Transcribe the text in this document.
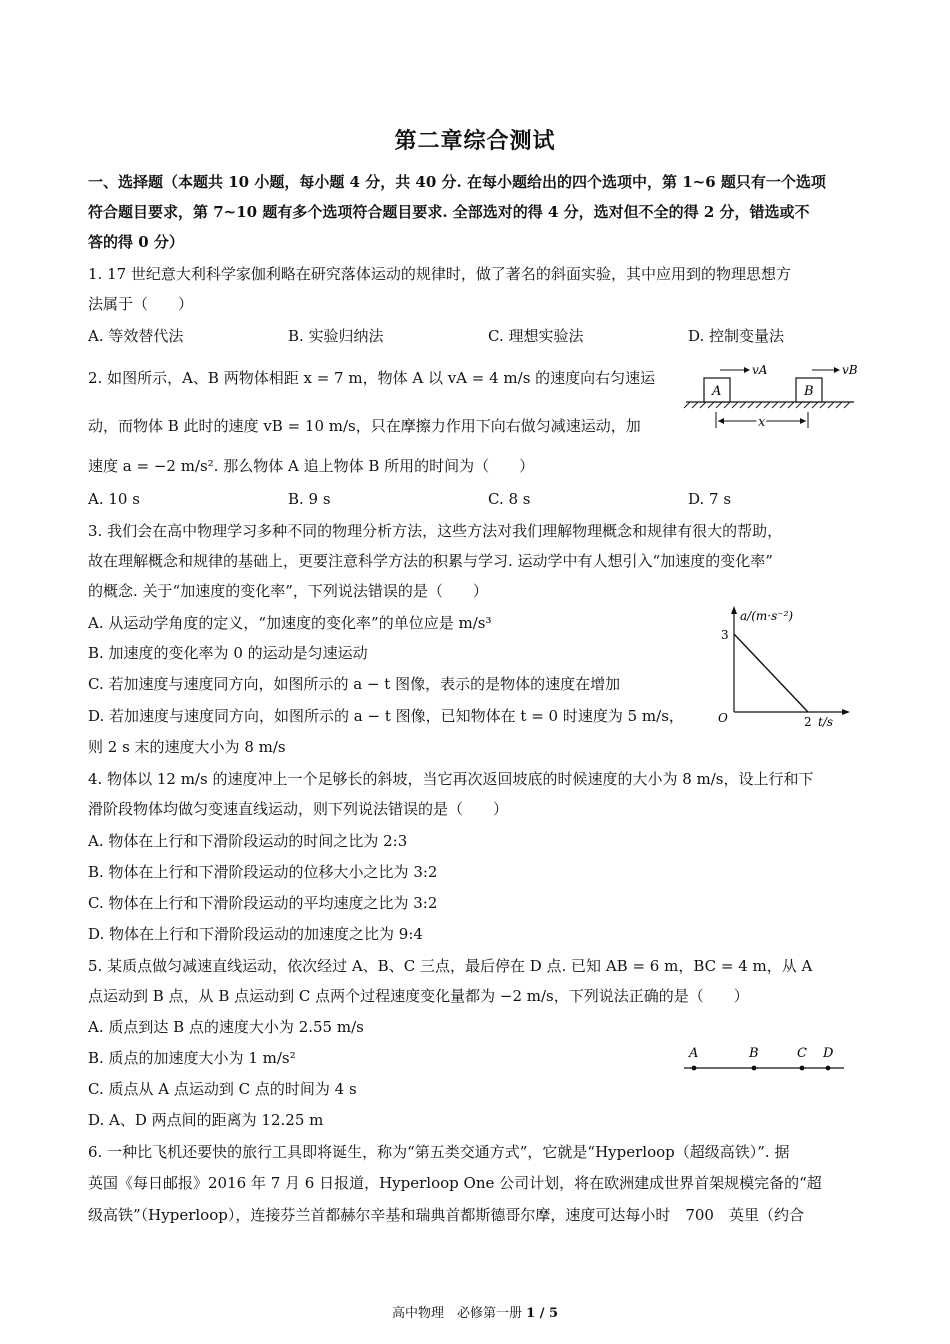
第二章综合测试
一、选择题（本题共 10 小题，每小题 4 分，共 40 分. 在每小题给出的四个选项中，第 1~6 题只有一个选项
符合题目要求，第 7~10 题有多个选项符合题目要求. 全部选对的得 4 分，选对但不全的得 2 分，错选或不
答的得 0 分）
1. 17 世纪意大利科学家伽利略在研究落体运动的规律时，做了著名的斜面实验，其中应用到的物理思想方
法属于（　　）
A. 等效替代法	B. 实验归纳法	C. 理想实验法	D. 控制变量法
2. 如图所示，A、B 两物体相距 x = 7 m，物体 A 以 vA = 4 m/s 的速度向右匀速运
动，而物体 B 此时的速度 vB = 10 m/s，只在摩擦力作用下向右做匀减速运动，加
速度 a = −2 m/s². 那么物体 A 追上物体 B 所用的时间为（　　）
A. 10 s	B. 9 s	C. 8 s	D. 7 s
A
vA
B
vB
x
3. 我们会在高中物理学习多种不同的物理分析方法，这些方法对我们理解物理概念和规律有很大的帮助，
故在理解概念和规律的基础上，更要注意科学方法的积累与学习. 运动学中有人想引入“加速度的变化率”
的概念. 关于“加速度的变化率”，下列说法错误的是（　　）
A. 从运动学角度的定义，“加速度的变化率”的单位应是 m/s³
B. 加速度的变化率为 0 的运动是匀速运动
C. 若加速度与速度同方向，如图所示的 a − t 图像，表示的是物体的速度在增加
D. 若加速度与速度同方向，如图所示的 a − t 图像，已知物体在 t = 0 时速度为 5 m/s，
则 2 s 末的速度大小为 8 m/s
a/(m·s⁻²)
3
O	2 t/s
4. 物体以 12 m/s 的速度冲上一个足够长的斜坡，当它再次返回坡底的时候速度的大小为 8 m/s，设上行和下
滑阶段物体均做匀变速直线运动，则下列说法错误的是（　　）
A. 物体在上行和下滑阶段运动的时间之比为 2:3
B. 物体在上行和下滑阶段运动的位移大小之比为 3:2
C. 物体在上行和下滑阶段运动的平均速度之比为 3:2
D. 物体在上行和下滑阶段运动的加速度之比为 9:4
5. 某质点做匀减速直线运动，依次经过 A、B、C 三点，最后停在 D 点. 已知 AB = 6 m，BC = 4 m，从 A
点运动到 B 点，从 B 点运动到 C 点两个过程速度变化量都为 −2 m/s，下列说法正确的是（　　）
A. 质点到达 B 点的速度大小为 2.55 m/s
B. 质点的加速度大小为 1 m/s²
C. 质点从 A 点运动到 C 点的时间为 4 s
D. A、D 两点间的距离为 12.25 m
A	B	C D
6. 一种比飞机还要快的旅行工具即将诞生，称为“第五类交通方式”，它就是“Hyperloop（超级高铁）”. 据
英国《每日邮报》2016 年 7 月 6 日报道，Hyperloop One 公司计划，将在欧洲建成世界首架规模完备的“超
级高铁”（Hyperloop），连接芬兰首都赫尔辛基和瑞典首都斯德哥尔摩，速度可达每小时　700　英里（约合
高中物理　必修第一册 1 / 5
